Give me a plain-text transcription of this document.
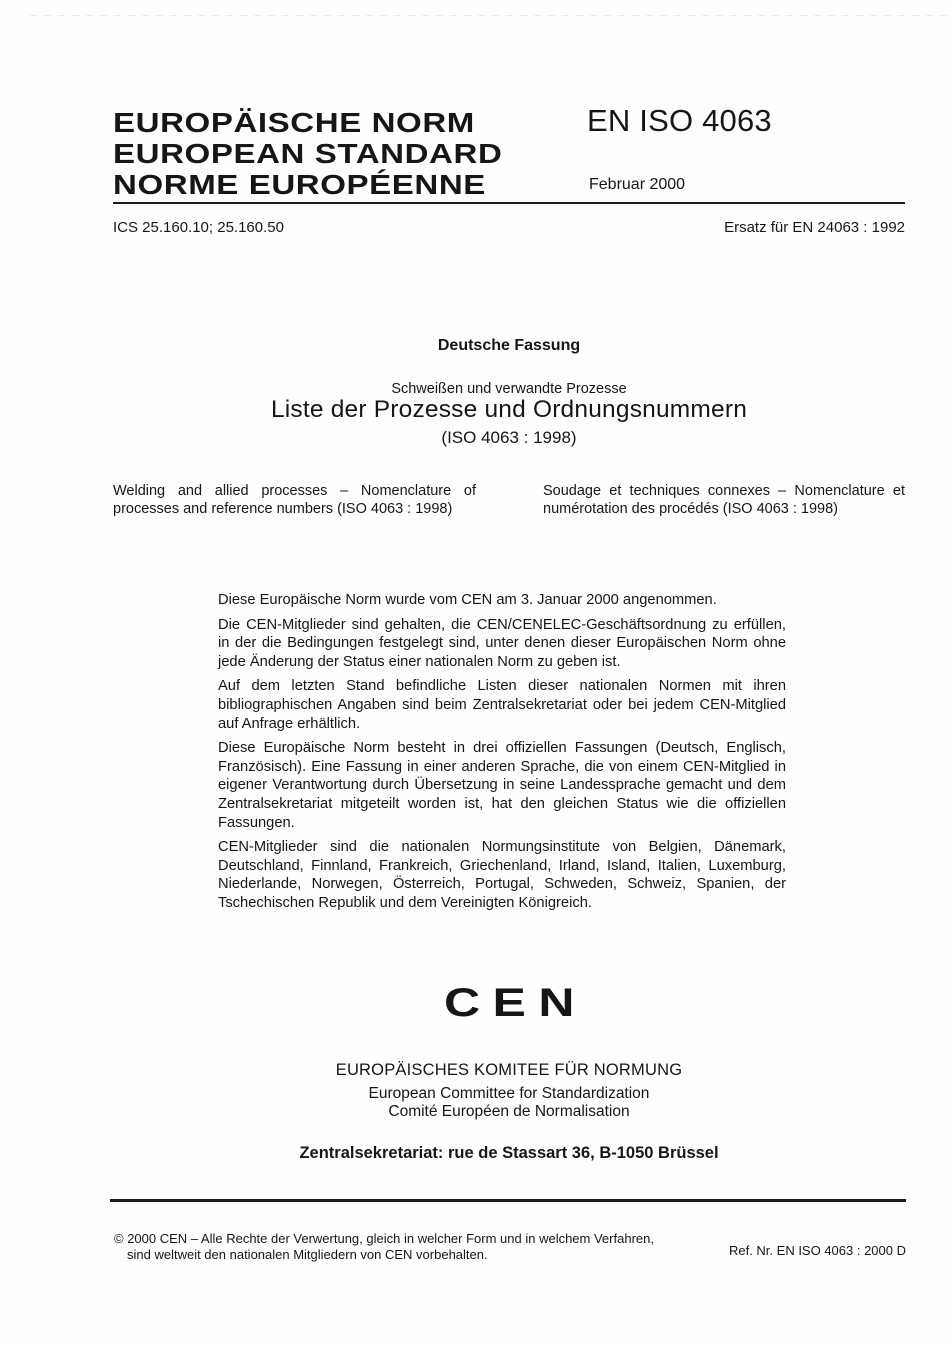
EUROPÄISCHE NORM
EUROPEAN STANDARD
NORME EUROPÉENNE
EN ISO 4063
Februar 2000
ICS 25.160.10; 25.160.50	Ersatz für EN 24063 : 1992
Deutsche Fassung
Schweißen und verwandte Prozesse
Liste der Prozesse und Ordnungsnummern
(ISO 4063 : 1998)
Welding and allied processes – Nomenclature of processes and reference numbers (ISO 4063 : 1998)
Soudage et techniques connexes – Nomenclature et numérotation des procédés (ISO 4063 : 1998)

Diese Europäische Norm wurde vom CEN am 3. Januar 2000 angenommen.

Die CEN-Mitglieder sind gehalten, die CEN/CENELEC-Geschäftsordnung zu erfüllen, in der die Bedingungen festgelegt sind, unter denen dieser Europäischen Norm ohne jede Änderung der Status einer nationalen Norm zu geben ist.

Auf dem letzten Stand befindliche Listen dieser nationalen Normen mit ihren bibliographischen Angaben sind beim Zentralsekretariat oder bei jedem CEN-Mitglied auf Anfrage erhältlich.

Diese Europäische Norm besteht in drei offiziellen Fassungen (Deutsch, Englisch, Französisch). Eine Fassung in einer anderen Sprache, die von einem CEN-Mitglied in eigener Verantwortung durch Übersetzung in seine Landessprache gemacht und dem Zentralsekretariat mitgeteilt worden ist, hat den gleichen Status wie die offiziellen Fassungen.

CEN-Mitglieder sind die nationalen Normungsinstitute von Belgien, Dänemark, Deutschland, Finnland, Frankreich, Griechenland, Irland, Island, Italien, Luxemburg, Niederlande, Norwegen, Österreich, Portugal, Schweden, Schweiz, Spanien, der Tschechischen Republik und dem Vereinigten Königreich.

CEN
EUROPÄISCHES KOMITEE FÜR NORMUNG
European Committee for Standardization
Comité Européen de Normalisation
Zentralsekretariat: rue de Stassart 36, B-1050 Brüssel
© 2000 CEN – Alle Rechte der Verwertung, gleich in welcher Form und in welchem Verfahren,
sind weltweit den nationalen Mitgliedern von CEN vorbehalten.	Ref. Nr. EN ISO 4063 : 2000 D
